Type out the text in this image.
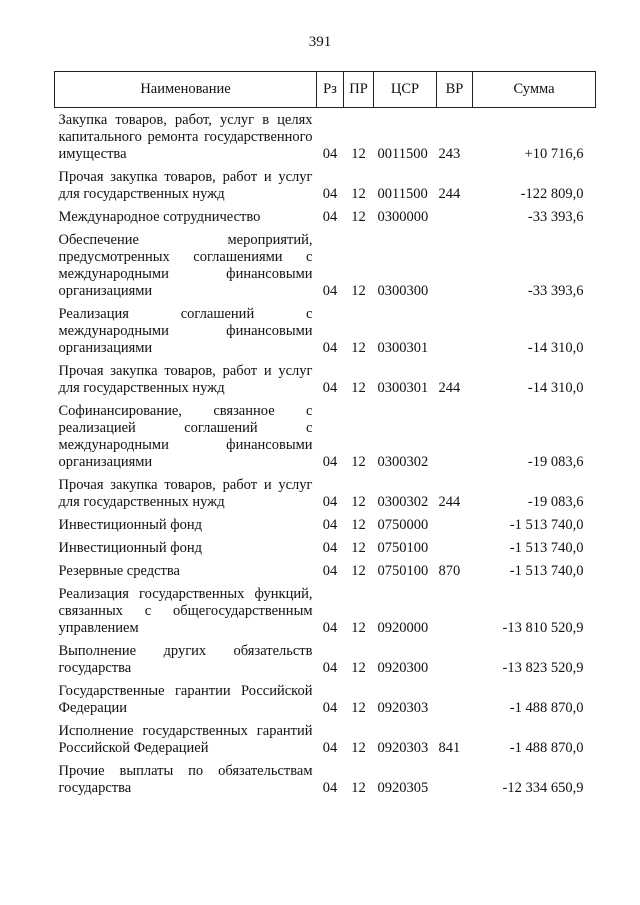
391
Наименование	Рз	ПР	ЦСР	ВР	Сумма
Закупка товаров, работ, услуг в целях капитального ремонта государственного имущества	04	12	0011500	243	+10 716,6
Прочая закупка товаров, работ и услуг для государственных нужд	04	12	0011500	244	-122 809,0
Международное сотрудничество	04	12	0300000		-33 393,6
Обеспечение мероприятий, предусмотренных соглашениями с международными финансовыми организациями	04	12	0300300		-33 393,6
Реализация соглашений с международными финансовыми организациями	04	12	0300301		-14 310,0
Прочая закупка товаров, работ и услуг для государственных нужд	04	12	0300301	244	-14 310,0
Софинансирование, связанное с реализацией соглашений с международными финансовыми организациями	04	12	0300302		-19 083,6
Прочая закупка товаров, работ и услуг для государственных нужд	04	12	0300302	244	-19 083,6
Инвестиционный фонд	04	12	0750000		-1 513 740,0
Инвестиционный фонд	04	12	0750100		-1 513 740,0
Резервные средства	04	12	0750100	870	-1 513 740,0
Реализация государственных функций, связанных с общегосударственным управлением	04	12	0920000		-13 810 520,9
Выполнение других обязательств государства	04	12	0920300		-13 823 520,9
Государственные гарантии Российской Федерации	04	12	0920303		-1 488 870,0
Исполнение государственных гарантий Российской Федерацией	04	12	0920303	841	-1 488 870,0
Прочие выплаты по обязательствам государства	04	12	0920305		-12 334 650,9
